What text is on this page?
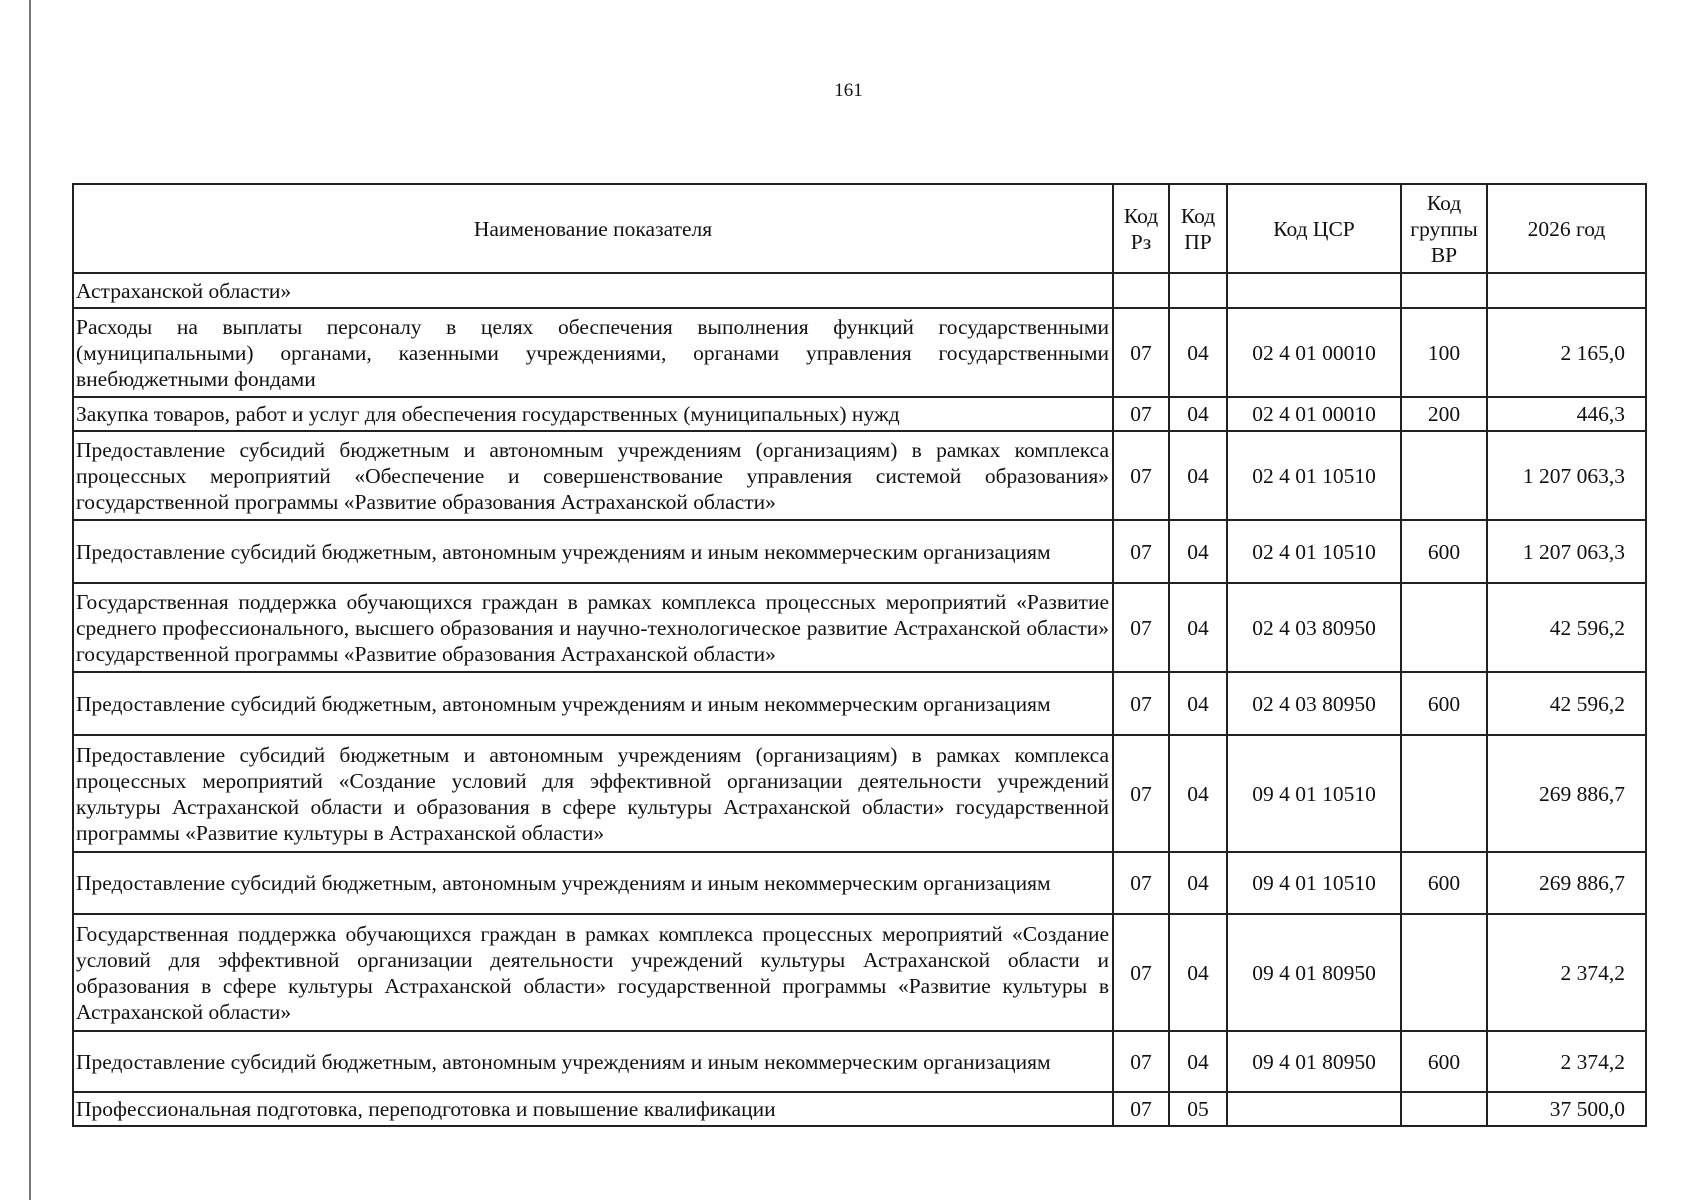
161
Наименование показателя	Код Рз	Код ПР	Код ЦСР	Код группы ВР	2026 год
Астраханской области»					
Расходы на выплаты персоналу в целях обеспечения выполнения функций государственными (муниципальными) органами, казенными учреждениями, органами управления государственными внебюджетными фондами	07	04	02 4 01 00010	100	2 165,0
Закупка товаров, работ и услуг для обеспечения государственных (муниципальных) нужд	07	04	02 4 01 00010	200	446,3
Предоставление субсидий бюджетным и автономным учреждениям (организациям) в рамках комплекса процессных мероприятий «Обеспечение и совершенствование управления системой образования» государственной программы «Развитие образования Астраханской области»	07	04	02 4 01 10510		1 207 063,3
Предоставление субсидий бюджетным, автономным учреждениям и иным некоммерческим организациям	07	04	02 4 01 10510	600	1 207 063,3
Государственная поддержка обучающихся граждан в рамках комплекса процессных мероприятий «Развитие среднего профессионального, высшего образования и научно-технологическое развитие Астраханской области» государственной программы «Развитие образования Астраханской области»	07	04	02 4 03 80950		42 596,2
Предоставление субсидий бюджетным, автономным учреждениям и иным некоммерческим организациям	07	04	02 4 03 80950	600	42 596,2
Предоставление субсидий бюджетным и автономным учреждениям (организациям) в рамках комплекса процессных мероприятий «Создание условий для эффективной организации деятельности учреждений культуры Астраханской области и образования в сфере культуры Астраханской области» государственной программы «Развитие культуры в Астраханской области»	07	04	09 4 01 10510		269 886,7
Предоставление субсидий бюджетным, автономным учреждениям и иным некоммерческим организациям	07	04	09 4 01 10510	600	269 886,7
Государственная поддержка обучающихся граждан в рамках комплекса процессных мероприятий «Создание условий для эффективной организации деятельности учреждений культуры Астраханской области и образования в сфере культуры Астраханской области» государственной программы «Развитие культуры в Астраханской области»	07	04	09 4 01 80950		2 374,2
Предоставление субсидий бюджетным, автономным учреждениям и иным некоммерческим организациям	07	04	09 4 01 80950	600	2 374,2
Профессиональная подготовка, переподготовка и повышение квалификации	07	05			37 500,0
